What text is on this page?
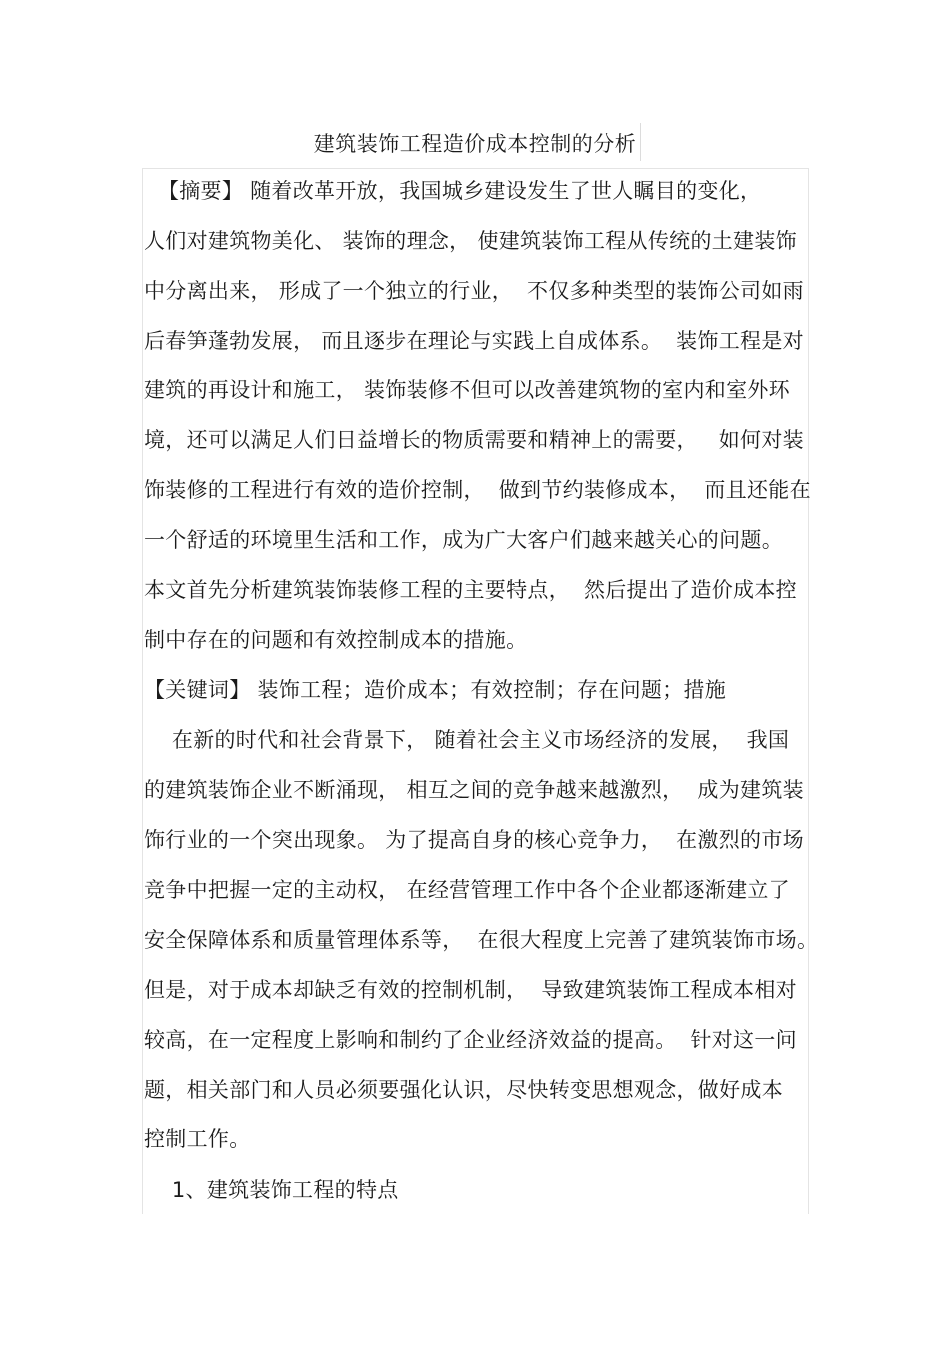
建筑装饰工程造价成本控制的分析
【摘要】 随着改革开放，我国城乡建设发生了世人瞩目的变化，
人们对建筑物美化、 装饰的理念， 使建筑装饰工程从传统的土建装饰
中分离出来， 形成了一个独立的行业，  不仅多种类型的装饰公司如雨
后春笋蓬勃发展， 而且逐步在理论与实践上自成体系。  装饰工程是对
建筑的再设计和施工， 装饰装修不但可以改善建筑物的室内和室外环
境，还可以满足人们日益增长的物质需要和精神上的需要，   如何对装
饰装修的工程进行有效的造价控制，  做到节约装修成本，  而且还能在
一个舒适的环境里生活和工作，成为广大客户们越来越关心的问题。
本文首先分析建筑装饰装修工程的主要特点，  然后提出了造价成本控
制中存在的问题和有效控制成本的措施。
【关键词】 装饰工程；造价成本；有效控制；存在问题；措施
在新的时代和社会背景下， 随着社会主义市场经济的发展，  我国
的建筑装饰企业不断涌现， 相互之间的竞争越来越激烈，  成为建筑装
饰行业的一个突出现象。 为了提高自身的核心竞争力，  在激烈的市场
竞争中把握一定的主动权， 在经营管理工作中各个企业都逐渐建立了
安全保障体系和质量管理体系等，  在很大程度上完善了建筑装饰市场。
但是，对于成本却缺乏有效的控制机制，  导致建筑装饰工程成本相对
较高，在一定程度上影响和制约了企业经济效益的提高。  针对这一问
题，相关部门和人员必须要强化认识，尽快转变思想观念，做好成本
控制工作。
1、建筑装饰工程的特点
